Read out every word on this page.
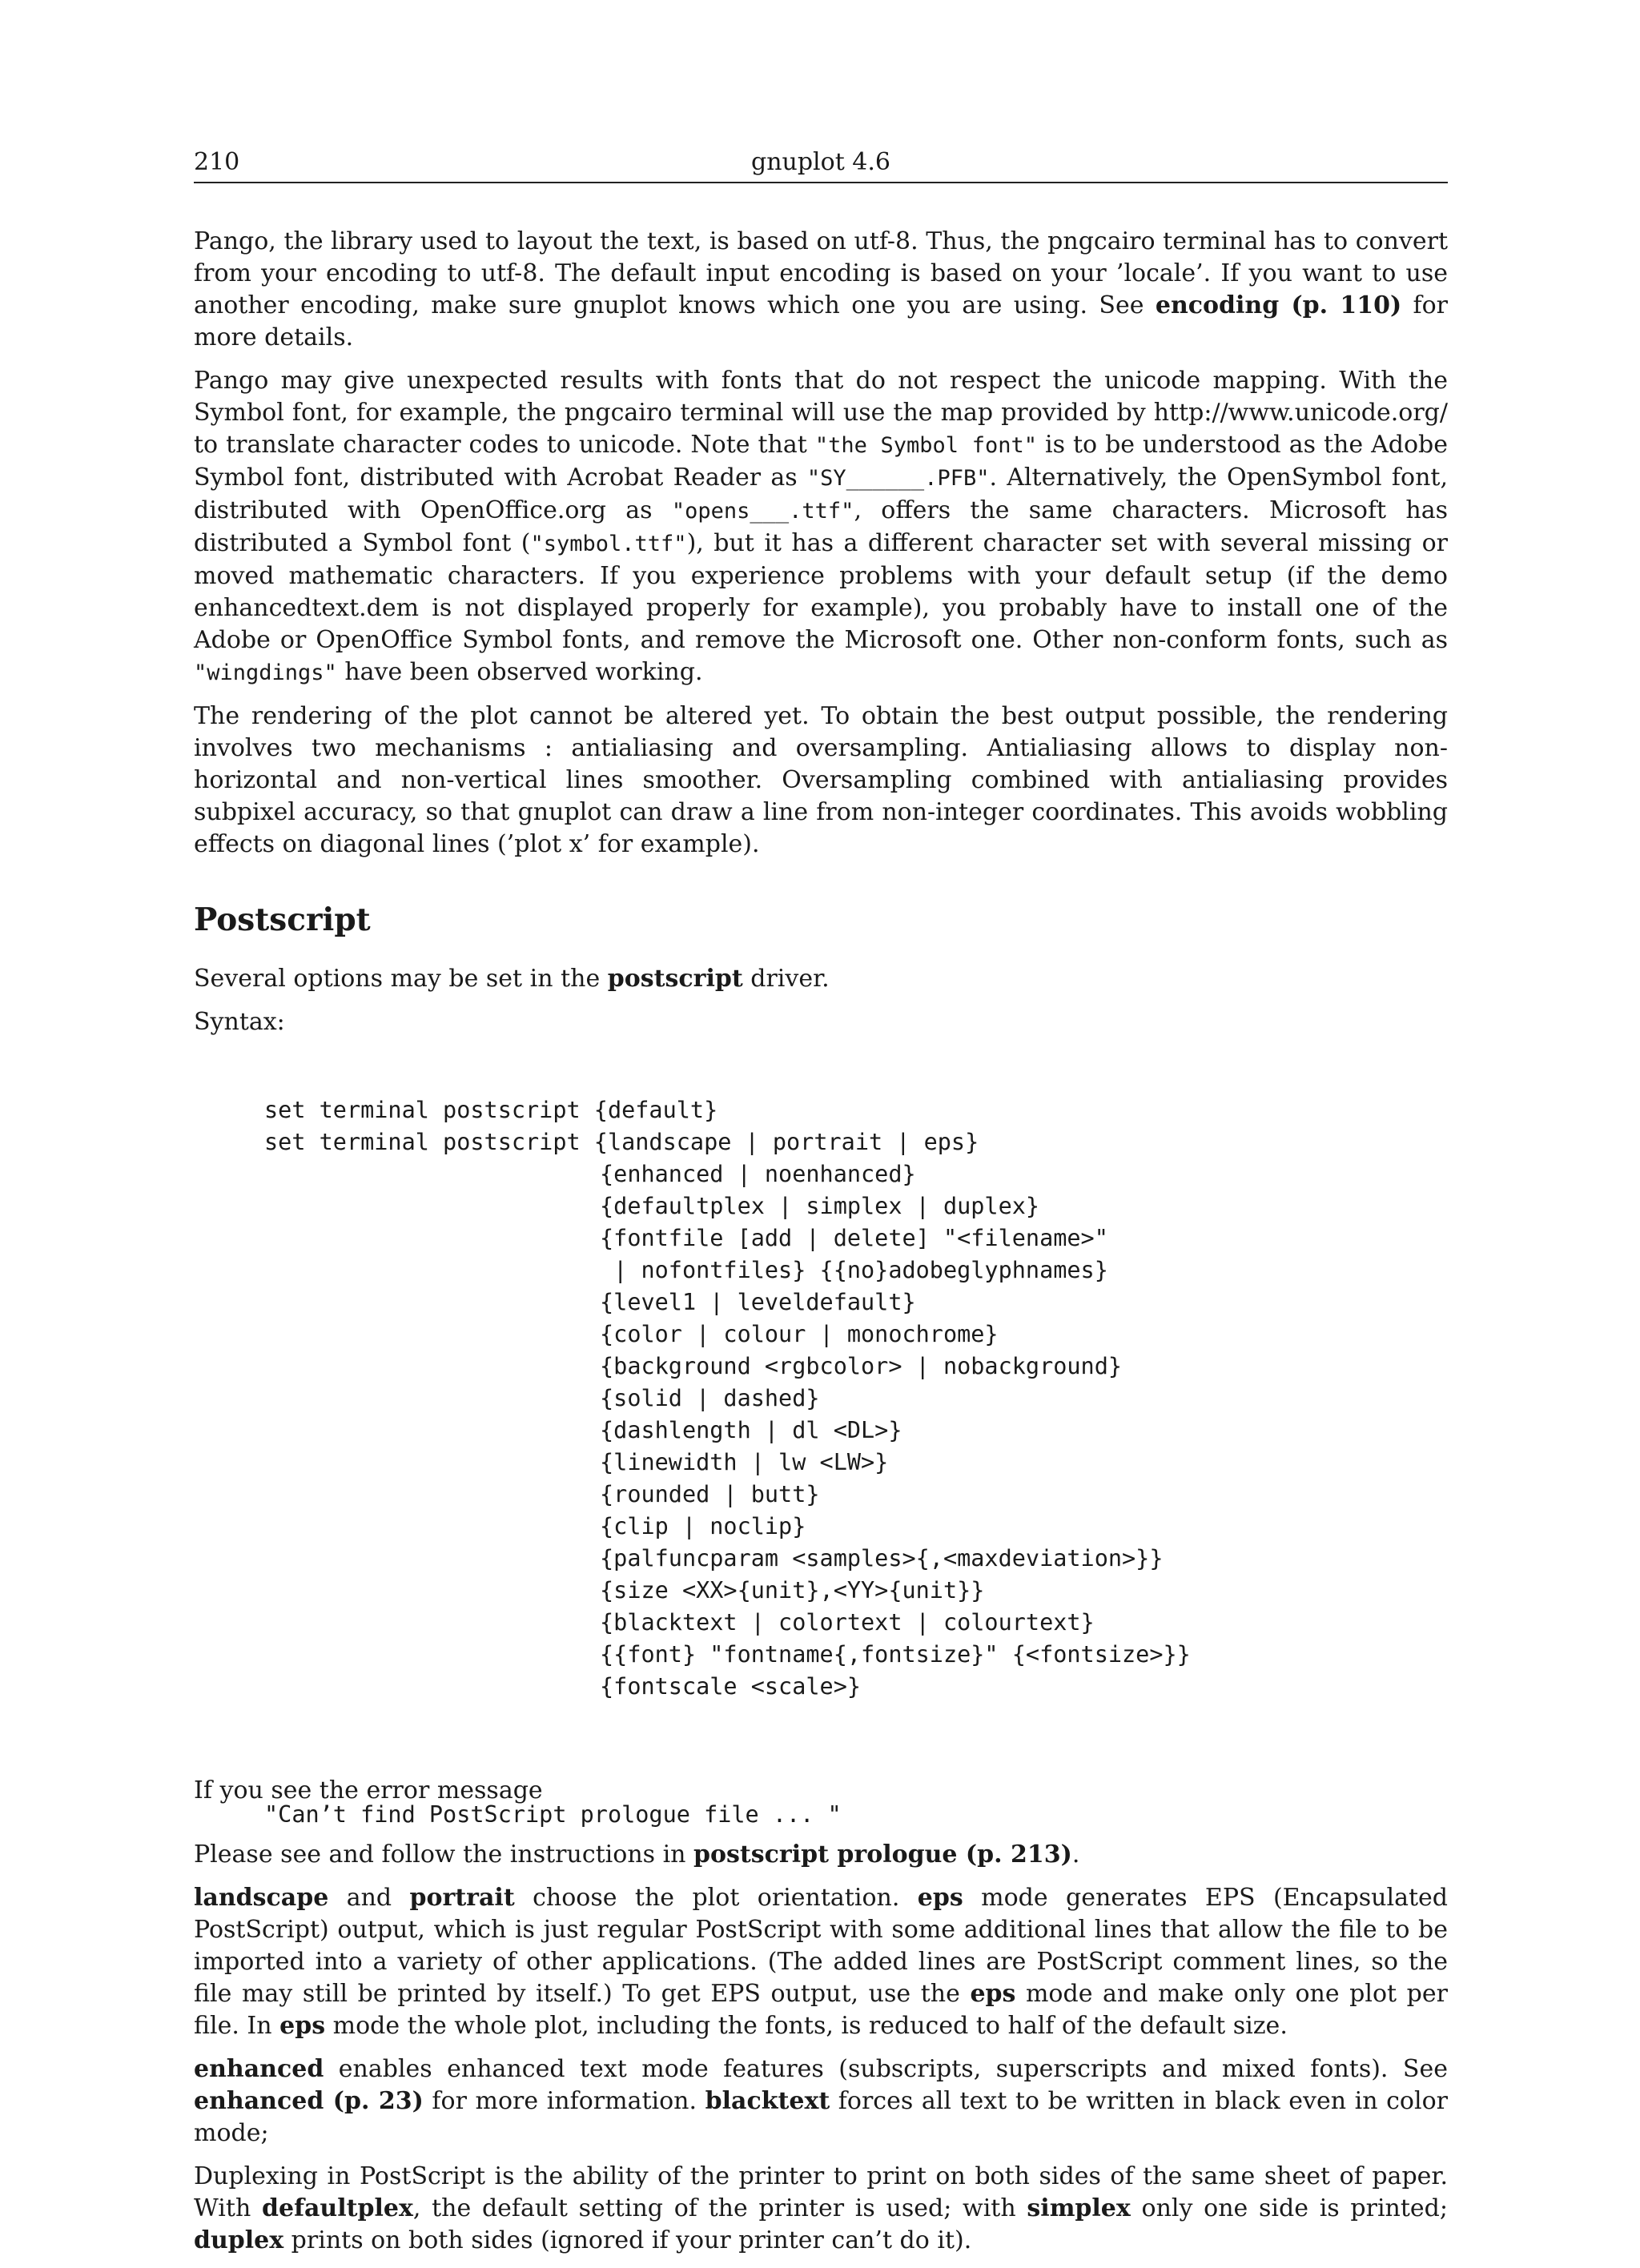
210	gnuplot 4.6

Pango, the library used to layout the text, is based on utf-8. Thus, the pngcairo terminal has to convert from your encoding to utf-8. The default input encoding is based on your ’locale’. If you want to use another encoding, make sure gnuplot knows which one you are using. See encoding (p. 110) for more details.

Pango may give unexpected results with fonts that do not respect the unicode mapping. With the Symbol font, for example, the pngcairo terminal will use the map provided by http://www.unicode.org/ to translate character codes to unicode. Note that "the Symbol font" is to be understood as the Adobe Symbol font, distributed with Acrobat Reader as "SY______.PFB". Alternatively, the OpenSymbol font, distributed with OpenOffice.org as "opens___.ttf", offers the same characters. Microsoft has distributed a Symbol font ("symbol.ttf"), but it has a different character set with several missing or moved mathematic characters. If you experience problems with your default setup (if the demo enhancedtext.dem is not displayed properly for example), you probably have to install one of the Adobe or OpenOffice Symbol fonts, and remove the Microsoft one. Other non-conform fonts, such as "wingdings" have been observed working.

The rendering of the plot cannot be altered yet. To obtain the best output possible, the rendering involves two mechanisms : antialiasing and oversampling. Antialiasing allows to display non-horizontal and non-vertical lines smoother. Oversampling combined with antialiasing provides subpixel accuracy, so that gnuplot can draw a line from non-integer coordinates. This avoids wobbling effects on diagonal lines (’plot x’ for example).

Postscript

Several options may be set in the postscript driver.

Syntax:

set terminal postscript {default}
set terminal postscript {landscape | portrait | eps}
{enhanced | noenhanced}
{defaultplex | simplex | duplex}
{fontfile [add | delete] "<filename>"
| nofontfiles} {{no}adobeglyphnames}
{level1 | leveldefault}
{color | colour | monochrome}
{background <rgbcolor> | nobackground}
{solid | dashed}
{dashlength | dl <DL>}
{linewidth | lw <LW>}
{rounded | butt}
{clip | noclip}
{palfuncparam <samples>{,<maxdeviation>}}
{size <XX>{unit},<YY>{unit}}
{blacktext | colortext | colourtext}
{{font} "fontname{,fontsize}" {<fontsize>}}
{fontscale <scale>}

If you see the error message

"Can’t find PostScript prologue file ... "

Please see and follow the instructions in postscript prologue (p. 213).

landscape and portrait choose the plot orientation. eps mode generates EPS (Encapsulated PostScript) output, which is just regular PostScript with some additional lines that allow the file to be imported into a variety of other applications. (The added lines are PostScript comment lines, so the file may still be printed by itself.) To get EPS output, use the eps mode and make only one plot per file. In eps mode the whole plot, including the fonts, is reduced to half of the default size.

enhanced enables enhanced text mode features (subscripts, superscripts and mixed fonts). See enhanced (p. 23) for more information. blacktext forces all text to be written in black even in color mode;

Duplexing in PostScript is the ability of the printer to print on both sides of the same sheet of paper. With defaultplex, the default setting of the printer is used; with simplex only one side is printed; duplex prints on both sides (ignored if your printer can’t do it).
